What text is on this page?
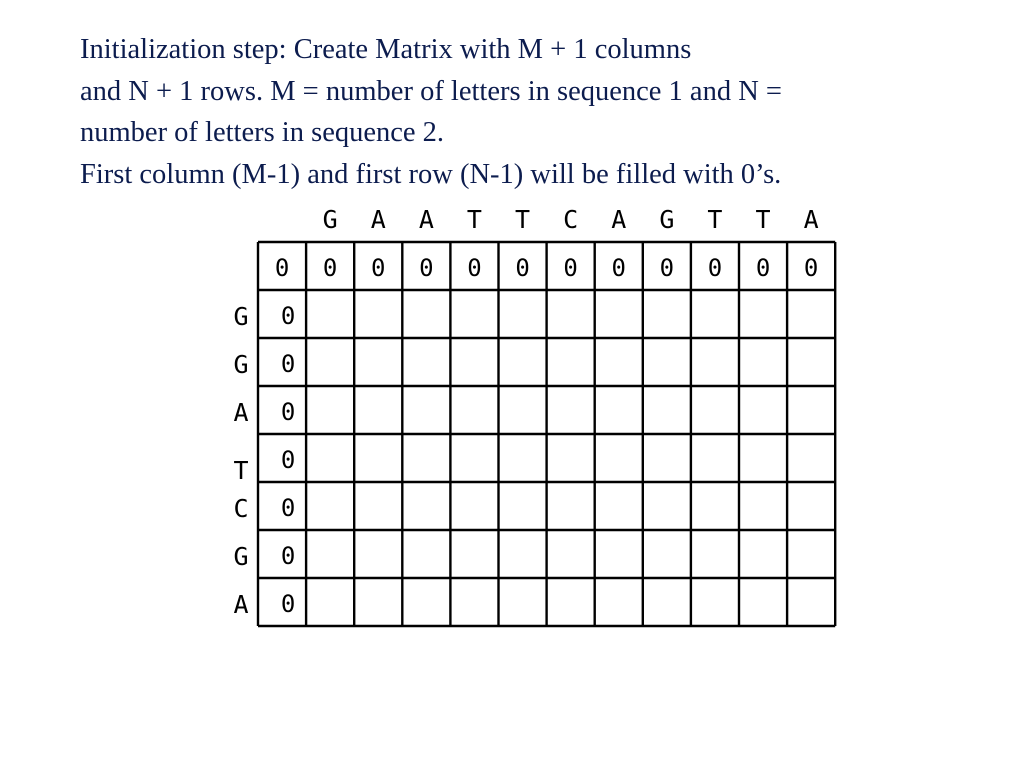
Initialization step: Create Matrix with M + 1 columns
and N + 1 rows. M = number of letters in sequence 1 and N =
number of letters in sequence 2.
First column (M-1) and first row (N-1) will be filled with 0’s.
G A A T T C A G T T A
G
G
A
T
C
G
A
0 0 0 0 0 0 0 0 0 0 0 0
0
0
0
0
0
0
0
